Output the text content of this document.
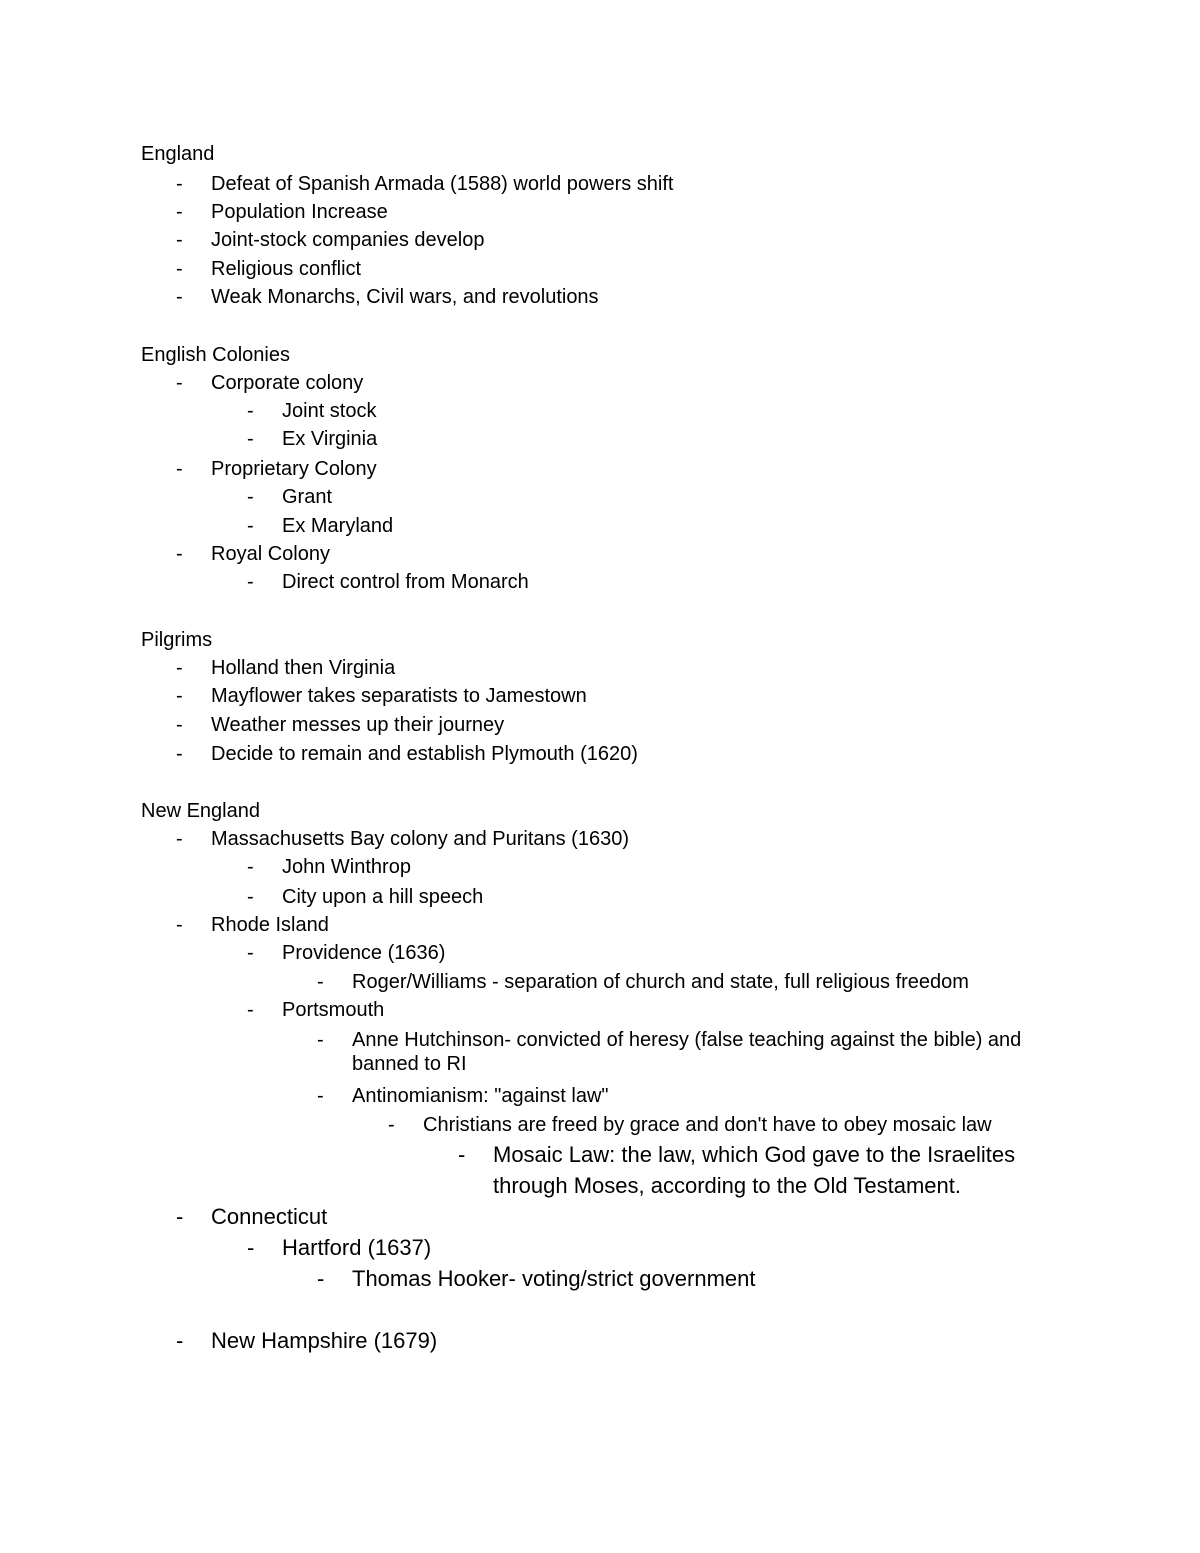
England
- Defeat of Spanish Armada (1588) world powers shift
- Population Increase
- Joint-stock companies develop
- Religious conflict
- Weak Monarchs, Civil wars, and revolutions
English Colonies
- Corporate colony
- Joint stock
- Ex Virginia
- Proprietary Colony
- Grant
- Ex Maryland
- Royal Colony
- Direct control from Monarch
Pilgrims
- Holland then Virginia
- Mayflower takes separatists to Jamestown
- Weather messes up their journey
- Decide to remain and establish Plymouth (1620)
New England
- Massachusetts Bay colony and Puritans (1630)
- John Winthrop
- City upon a hill speech
- Rhode Island
- Providence (1636)
- Roger/Williams - separation of church and state, full religious freedom
- Portsmouth
- Anne Hutchinson- convicted of heresy (false teaching against the bible) and banned to RI
- Antinomianism: "against law"
- Christians are freed by grace and don't have to obey mosaic law
- Mosaic Law: the law, which God gave to the Israelites through Moses, according to the Old Testament.
- Connecticut
- Hartford (1637)
- Thomas Hooker- voting/strict government
- New Hampshire (1679)
